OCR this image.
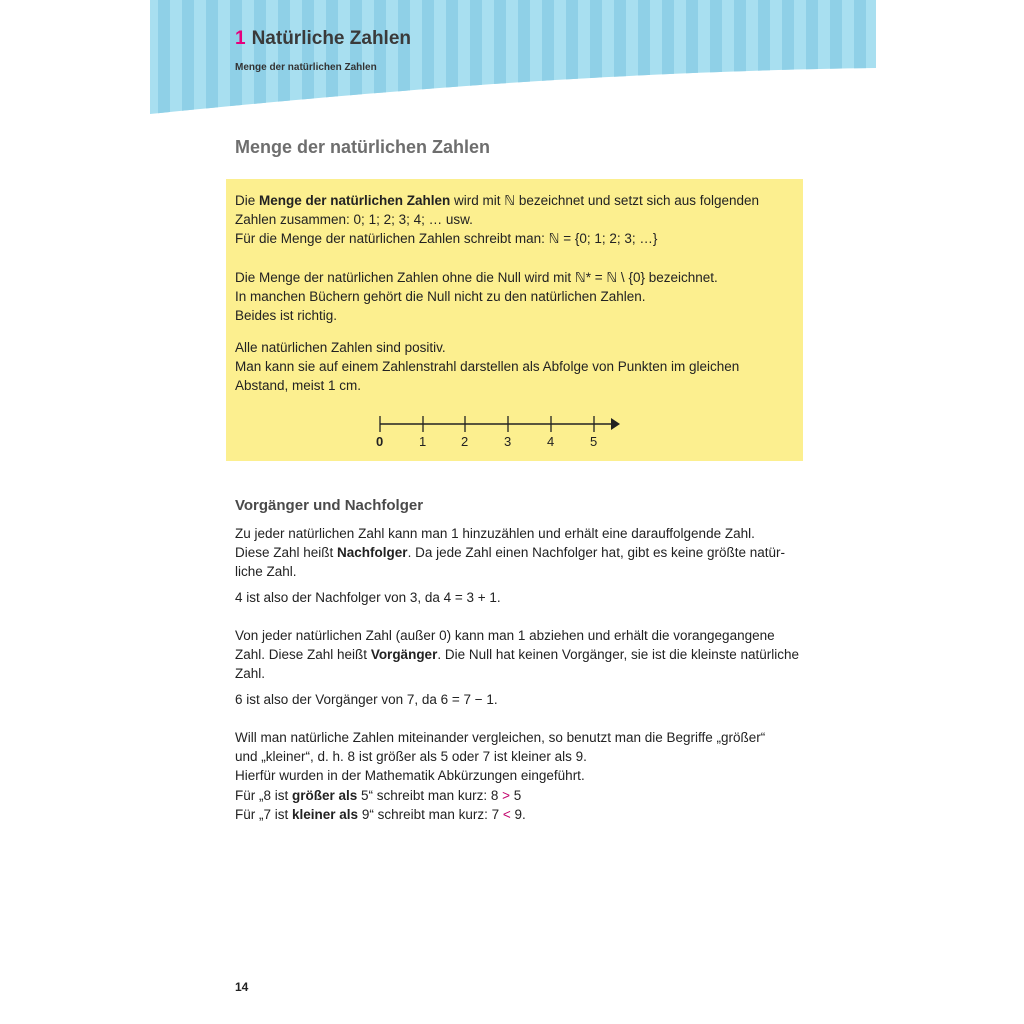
1 Natürliche Zahlen
Menge der natürlichen Zahlen
Menge der natürlichen Zahlen
Die Menge der natürlichen Zahlen wird mit ℕ bezeichnet und setzt sich aus folgenden
Zahlen zusammen: 0; 1; 2; 3; 4; … usw.
Für die Menge der natürlichen Zahlen schreibt man: ℕ = {0; 1; 2; 3; …}
Die Menge der natürlichen Zahlen ohne die Null wird mit ℕ* = ℕ \ {0} bezeichnet.
In manchen Büchern gehört die Null nicht zu den natürlichen Zahlen.
Beides ist richtig.
Alle natürlichen Zahlen sind positiv.
Man kann sie auf einem Zahlenstrahl darstellen als Abfolge von Punkten im gleichen
Abstand, meist 1 cm.
0	1	2	3	4	5
Vorgänger und Nachfolger
Zu jeder natürlichen Zahl kann man 1 hinzuzählen und erhält eine darauffolgende Zahl.
Diese Zahl heißt Nachfolger. Da jede Zahl einen Nachfolger hat, gibt es keine größte natür-
liche Zahl.
4 ist also der Nachfolger von 3, da 4 = 3 + 1.
Von jeder natürlichen Zahl (außer 0) kann man 1 abziehen und erhält die vorangegangene
Zahl. Diese Zahl heißt Vorgänger. Die Null hat keinen Vorgänger, sie ist die kleinste natürliche
Zahl.
6 ist also der Vorgänger von 7, da 6 = 7 − 1.
Will man natürliche Zahlen miteinander vergleichen, so benutzt man die Begriffe „größer“
und „kleiner“, d. h. 8 ist größer als 5 oder 7 ist kleiner als 9.
Hierfür wurden in der Mathematik Abkürzungen eingeführt.
Für „8 ist größer als 5“ schreibt man kurz: 8 > 5
Für „7 ist kleiner als 9“ schreibt man kurz: 7 < 9.
14
